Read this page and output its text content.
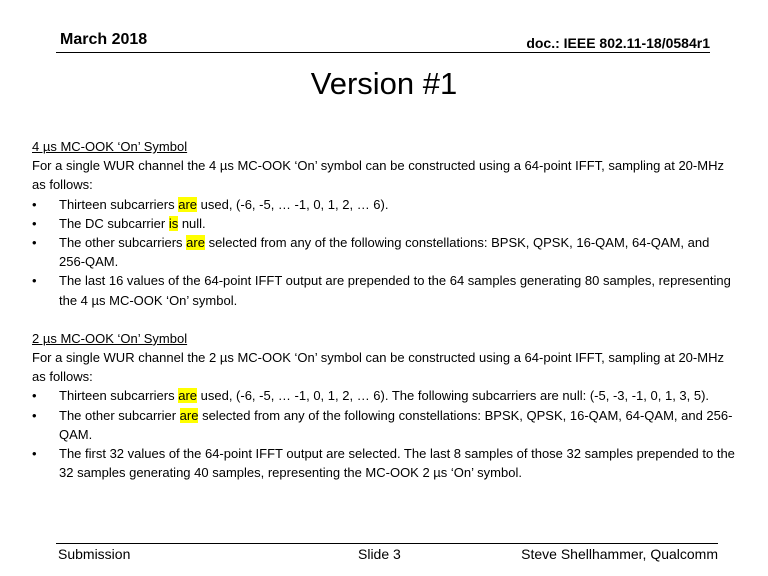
March 2018	doc.: IEEE 802.11-18/0584r1
Version #1
4 µs MC-OOK ‘On’ Symbol
For a single WUR channel the 4 µs MC-OOK ‘On’ symbol can be constructed using a 64-point IFFT, sampling at 20-MHz as follows:
•	Thirteen subcarriers are used, (-6, -5, … -1, 0, 1, 2, … 6).
•	The DC subcarrier is null.
•	The other subcarriers are selected from any of the following constellations: BPSK, QPSK, 16-QAM, 64-QAM, and 256-QAM.
•	The last 16 values of the 64-point IFFT output are prepended to the 64 samples generating 80 samples, representing the 4 µs MC-OOK ‘On’ symbol.
2 µs MC-OOK ‘On’ Symbol
For a single WUR channel the 2 µs MC-OOK ‘On’ symbol can be constructed using a 64-point IFFT, sampling at 20-MHz as follows:
•	Thirteen subcarriers are used, (-6, -5, … -1, 0, 1, 2, … 6). The following subcarriers are null: (-5, -3, -1, 0, 1, 3, 5).
•	The other subcarrier are selected from any of the following constellations: BPSK, QPSK, 16-QAM, 64-QAM, and 256-QAM.
•	The first 32 values of the 64-point IFFT output are selected. The last 8 samples of those 32 samples prepended to the 32 samples generating 40 samples, representing the MC-OOK 2 µs ‘On’ symbol.
Submission	Slide 3	Steve Shellhammer, Qualcomm
